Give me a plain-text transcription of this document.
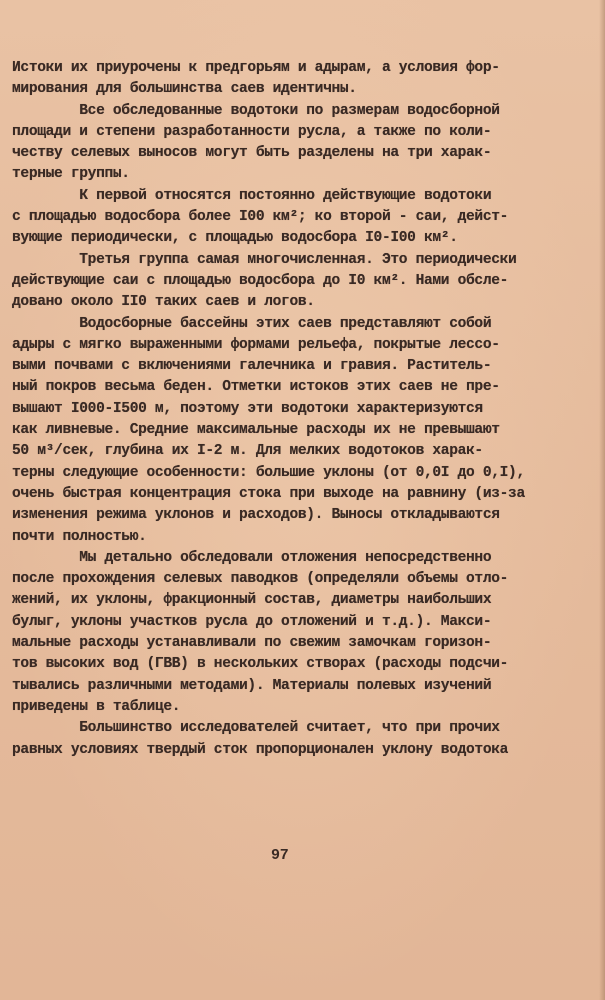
Истоки их приурочены к предгорьям и адырам, а условия фор-
мирования для большинства саев идентичны.
Все обследованные водотоки по размерам водосборной
площади и степени разработанности русла, а также по коли-
честву селевых выносов могут быть разделены на три харак-
терные группы.
К первой относятся постоянно действующие водотоки
с площадью водосбора более I00 км²; ко второй - саи, дейст-
вующие периодически, с площадью водосбора I0-I00 км².
Третья группа самая многочисленная. Это периодически
действующие саи с площадью водосбора до I0 км². Нами обсле-
довано около II0 таких саев и логов.
Водосборные бассейны этих саев представляют собой
адыры с мягко выраженными формами рельефа, покрытые лессо-
выми почвами с включениями галечника и гравия. Раститель-
ный покров весьма беден. Отметки истоков этих саев не пре-
вышают I000-I500 м, поэтому эти водотоки характеризуются
как ливневые. Средние максимальные расходы их не превышают
50 м³/сек, глубина их I-2 м. Для мелких водотоков харак-
терны следующие особенности: большие уклоны (от 0,0I до 0,I),
очень быстрая концентрация стока при выходе на равнину (из-за
изменения режима уклонов и расходов). Выносы откладываются
почти полностью.
Мы детально обследовали отложения непосредственно
после прохождения селевых паводков (определяли объемы отло-
жений, их уклоны, фракционный состав, диаметры наибольших
булыг, уклоны участков русла до отложений и т.д.). Макси-
мальные расходы устанавливали по свежим замочкам горизон-
тов высоких вод (ГВВ) в нескольких створах (расходы подсчи-
тывались различными методами). Материалы полевых изучений
приведены в таблице.
Большинство исследователей считает, что при прочих
равных условиях твердый сток пропорционален уклону водотока
97
